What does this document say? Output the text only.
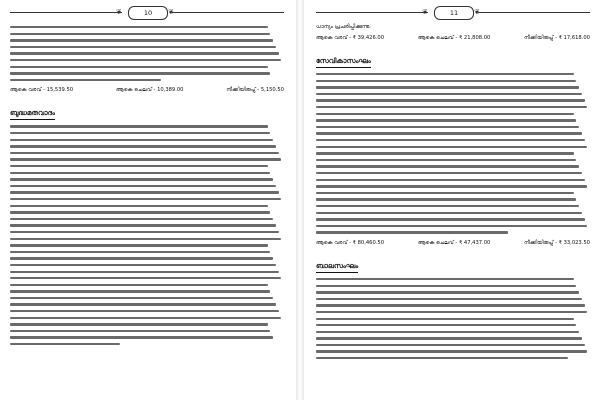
❦	10	❦
ആകെ വരവ് - 15,539.50	ആകെ ചെലവ് - 10,389.00	നീക്കിയിരുപ്പ് - 5,150.50
ബുദ്ധമതവാദം
❦	11	❦
ധാന്യം പ്രചരിപ്പിക്കുന്നു.
ആകെ വരവ് - ₹ 39,426.00	ആകെ ചെലവ് - ₹ 21,808.00	നീക്കിയിരുപ്പ് - ₹ 17,618.00
സേവികാസംഘം
ആകെ വരവ് - ₹ 80,460.50	ആകെ ചെലവ് - ₹ 47,437.00	നീക്കിയിരുപ്പ് - ₹ 33,023.50
ബാലസംഘം
